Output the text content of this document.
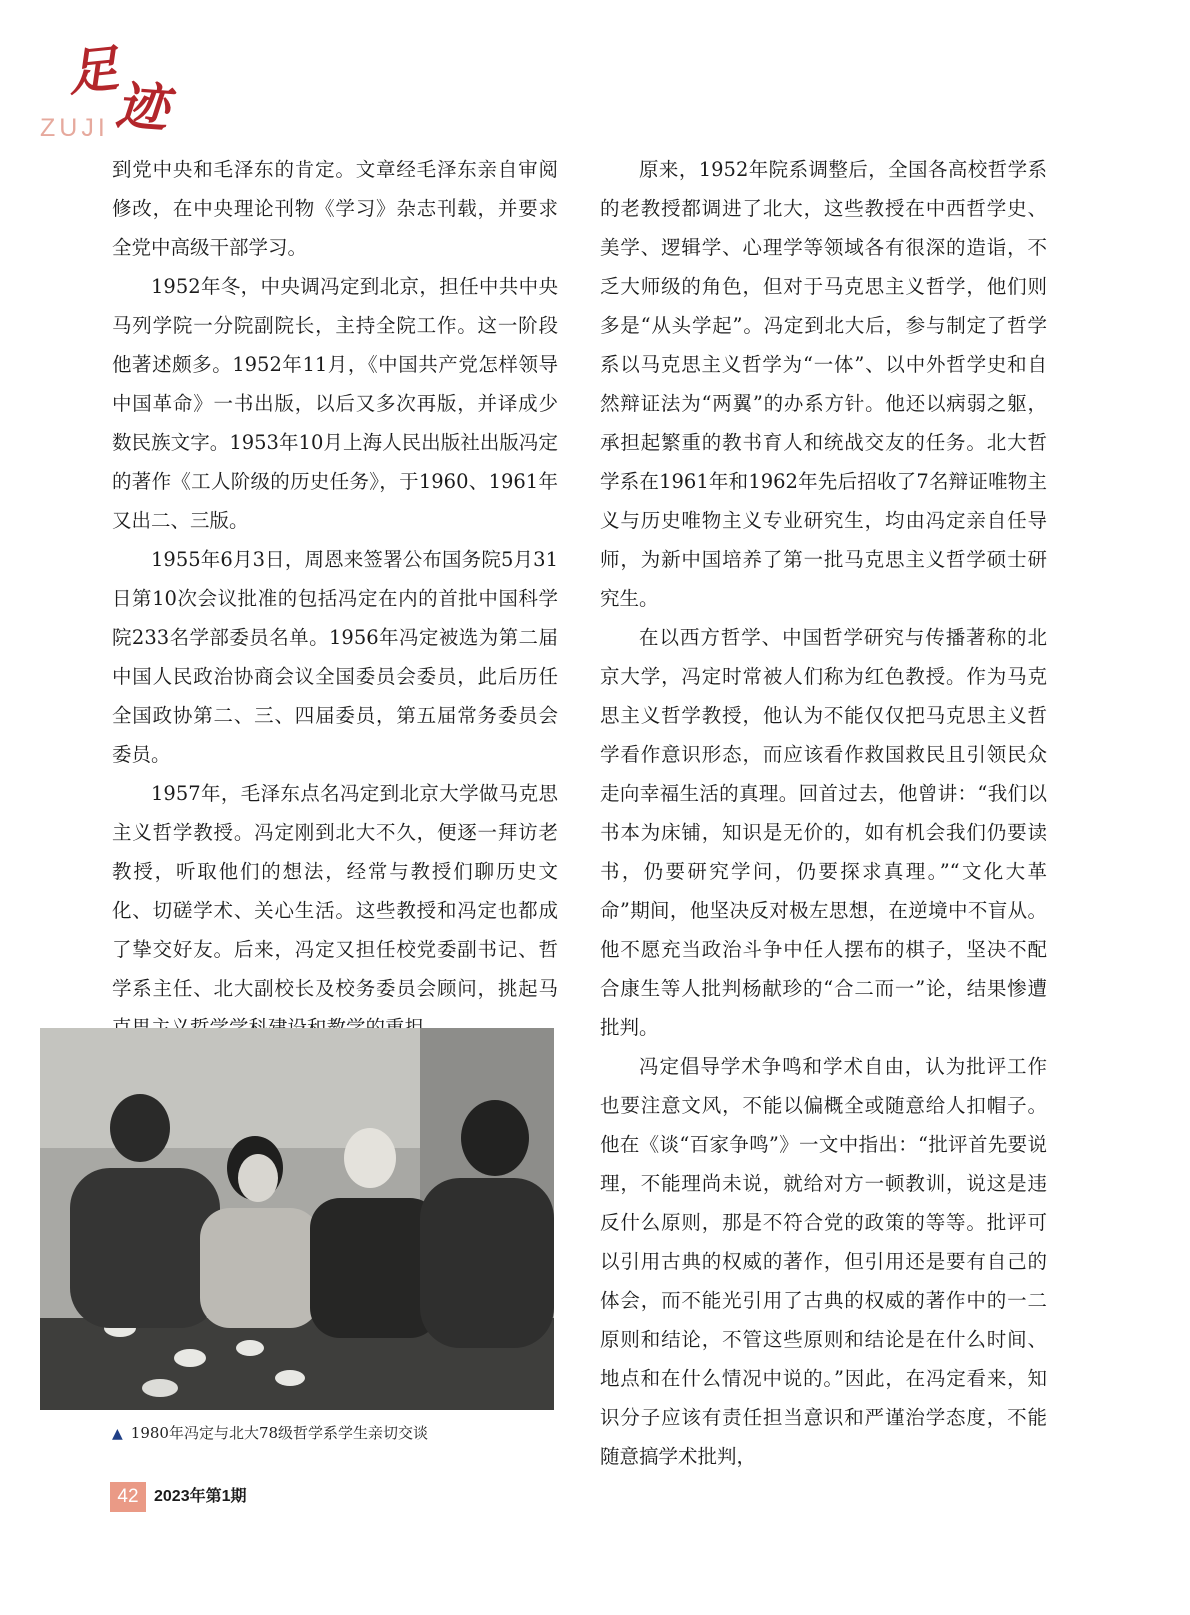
足
迹
ZUJI

到党中央和毛泽东的肯定。文章经毛泽东亲自审阅修改，在中央理论刊物《学习》杂志刊载，并要求全党中高级干部学习。

1952年冬，中央调冯定到北京，担任中共中央马列学院一分院副院长，主持全院工作。这一阶段他著述颇多。1952年11月，《中国共产党怎样领导中国革命》一书出版，以后又多次再版，并译成少数民族文字。1953年10月上海人民出版社出版冯定的著作《工人阶级的历史任务》，于1960、1961年又出二、三版。

1955年6月3日，周恩来签署公布国务院5月31日第10次会议批准的包括冯定在内的首批中国科学院233名学部委员名单。1956年冯定被选为第二届中国人民政治协商会议全国委员会委员，此后历任全国政协第二、三、四届委员，第五届常务委员会委员。

1957年，毛泽东点名冯定到北京大学做马克思主义哲学教授。冯定刚到北大不久，便逐一拜访老教授，听取他们的想法，经常与教授们聊历史文化、切磋学术、关心生活。这些教授和冯定也都成了挚交好友。后来，冯定又担任校党委副书记、哲学系主任、北大副校长及校务委员会顾问，挑起马

▲ 1980年冯定与北大78级哲学系学生亲切交谈

原来，1952年院系调整后，全国各高校哲学系的老教授都调进了北大，这些教授在中西哲学史、美学、逻辑学、心理学等领域各有很深的造诣，不乏大师级的角色，但对于马克思主义哲学，他们则多是“从头学起”。冯定到北大后，参与制定了哲学系以马克思主义哲学为“一体”、以中外哲学史和自然辩证法为“两翼”的办系方针。他还以病弱之躯，承担起繁重的教书育人和统战交友的任务。北大哲学系在1961年和1962年先后招收了7名辩证唯物主义与历史唯物主义专业研究生，均由冯定亲自任导师，为新中国培养了第一批马克思主义哲学硕士研究生。

在以西方哲学、中国哲学研究与传播著称的北京大学，冯定时常被人们称为红色教授。作为马克思主义哲学教授，他认为不能仅仅把马克思主义哲学看作意识形态，而应该看作救国救民且引领民众走向幸福生活的真理。回首过去，他曾讲：“我们以书本为床铺，知识是无价的，如有机会我们仍要读书，仍要研究学问，仍要探求真理。”“文化大革命”期间，他坚决反对极左思想，在逆境中不盲从。他不愿充当政治斗争中任人摆布的棋子，坚决不配合康生等人批判杨献珍的“合二而一”论，结果惨遭批判。

冯定倡导学术争鸣和学术自由，认为批评工作也要注意文风，不能以偏概全或随意给人扣帽子。他在《谈“百家争鸣”》一文中指出：“批评首先要说理，不能理尚未说，就给对方一顿教训，说这是违反什么原则，那是不符合党的政策的等等。批评可以引用古典的权威的著作，但引用还是要有自己的体会，而不能光引用了古典的权威的著作中的一二原则和结论，不管这些原则和结论是在什么时间、地点和在什么情况中说的。”因此，在冯定看来，知识分子应该有责任担当意识和严谨治学态度，不能随意搞学术批判，

42 2023年第1期
